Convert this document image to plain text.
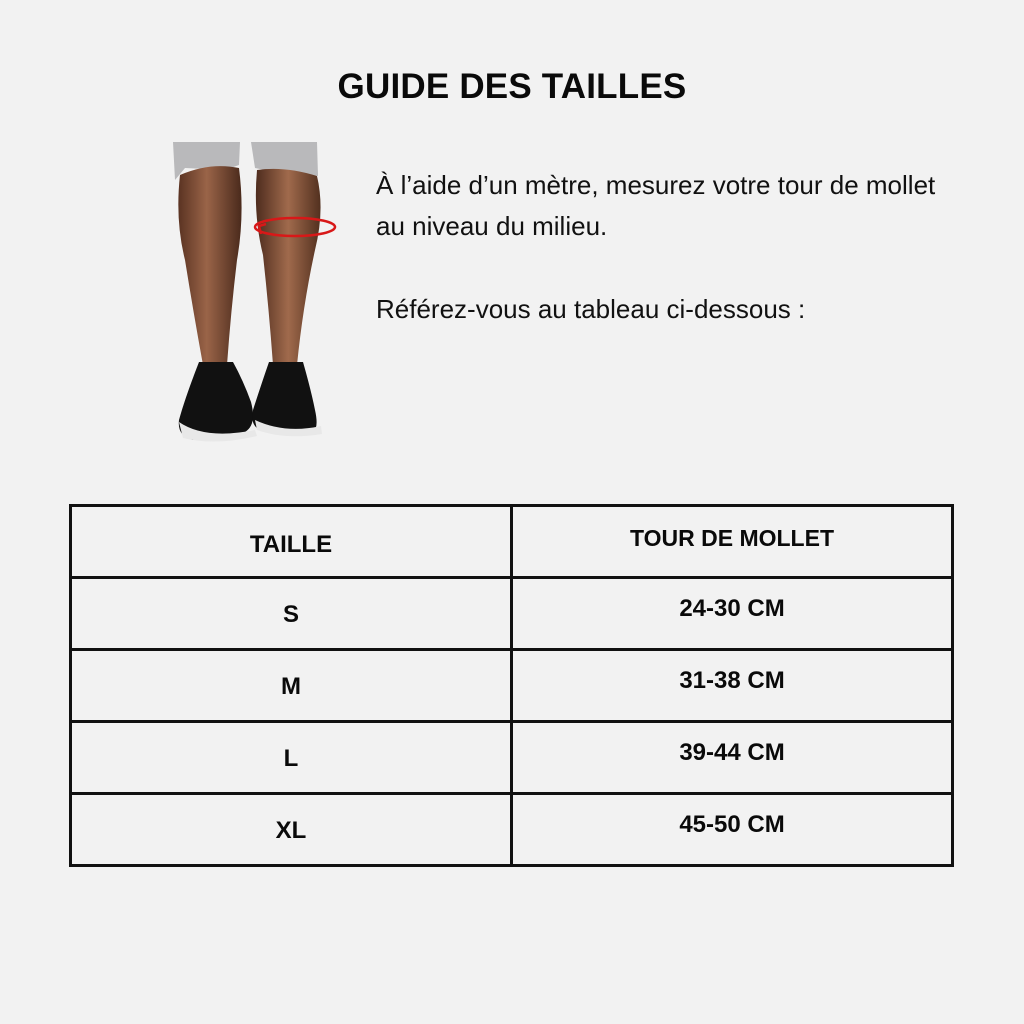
GUIDE DES TAILLES

À l’aide d’un mètre, mesurez votre tour de mollet au niveau du milieu.

Référez-vous au tableau ci-dessous :

TAILLE	TOUR DE MOLLET
S	24-30 CM
M	31-38 CM
L	39-44 CM
XL	45-50 CM
